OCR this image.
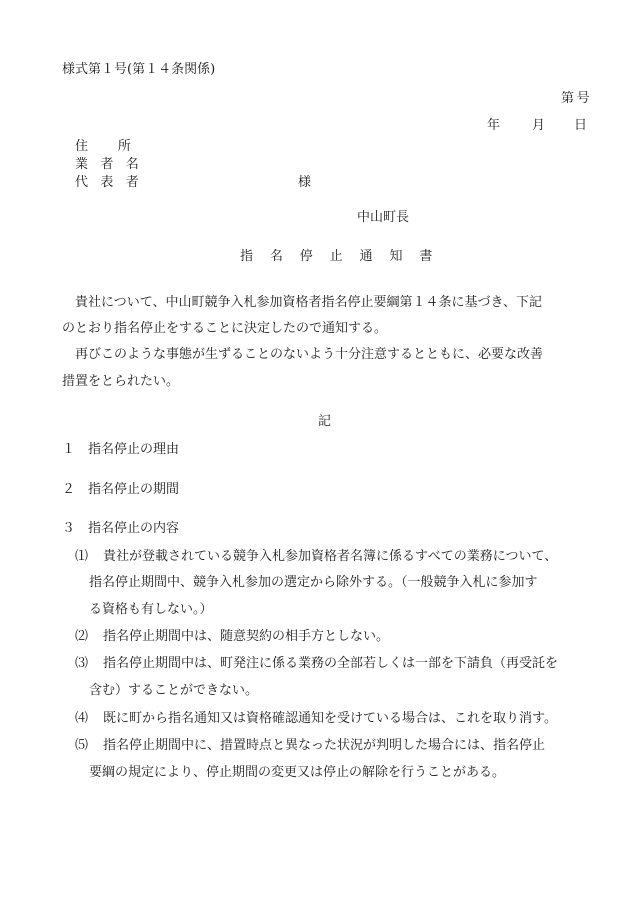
様式第１号(第１４条関係)
第号
年 月 日
住所
業者名
代表者	様
中山町長
指名停止通知書
貴社について、中山町競争入札参加資格者指名停止要綱第１４条に基づき、下記
のとおり指名停止をすることに決定したので通知する。
再びこのような事態が生ずることのないよう十分注意するとともに、必要な改善
措置をとられたい。
記
１ 指名停止の理由
２ 指名停止の期間
３ 指名停止の内容
⑴ 貴社が登載されている競争入札参加資格者名簿に係るすべての業務について、
指名停止期間中、競争入札参加の選定から除外する。（一般競争入札に参加す
る資格も有しない。）
⑵ 指名停止期間中は、随意契約の相手方としない。
⑶ 指名停止期間中は、町発注に係る業務の全部若しくは一部を下請負（再受託を
含む）することができない。
⑷ 既に町から指名通知又は資格確認通知を受けている場合は、これを取り消す。
⑸ 指名停止期間中に、措置時点と異なった状況が判明した場合には、指名停止
要綱の規定により、停止期間の変更又は停止の解除を行うことがある。
